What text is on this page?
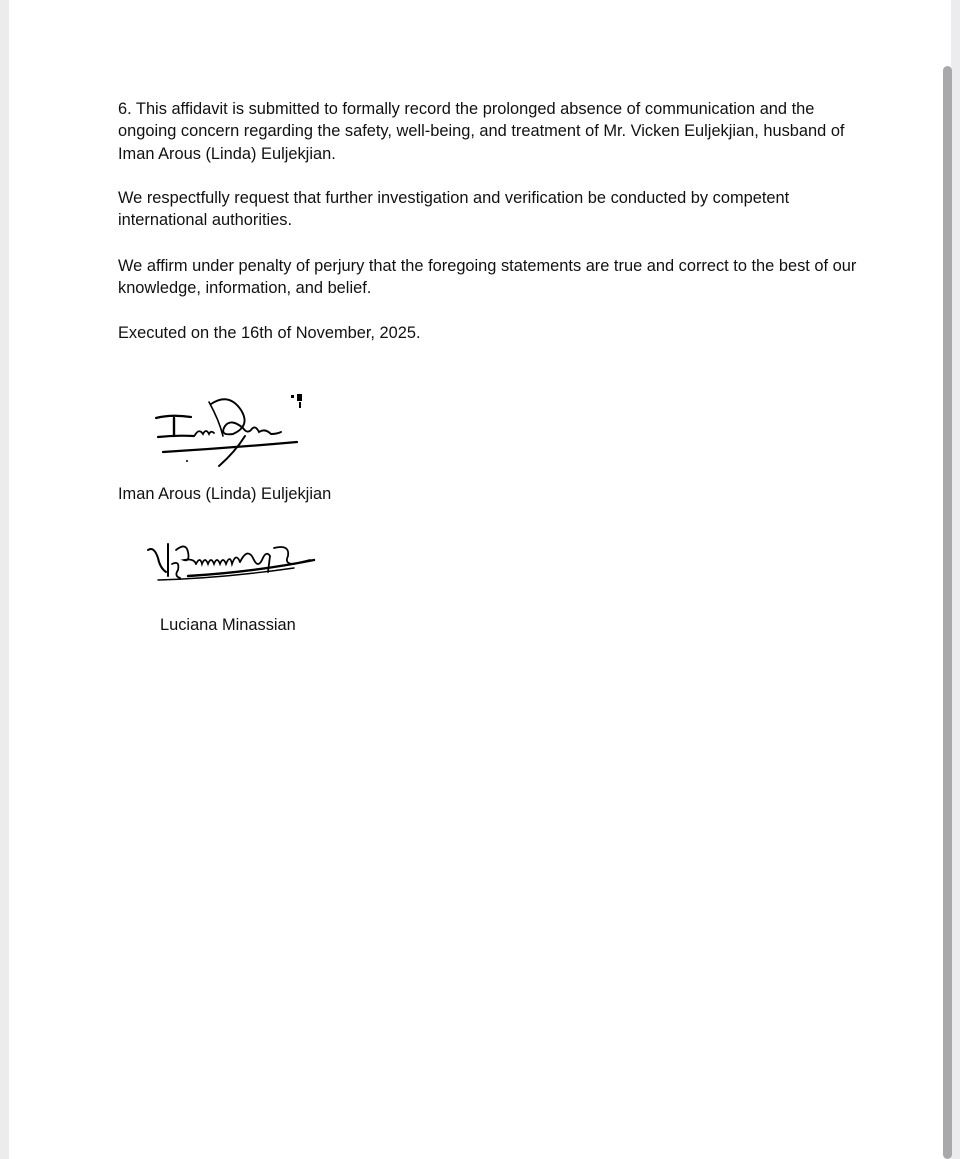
6. This affidavit is submitted to formally record the prolonged absence of communication and the ongoing concern regarding the safety, well-being, and treatment of Mr. Vicken Euljekjian, husband of Iman Arous (Linda) Euljekjian.

We respectfully request that further investigation and verification be conducted by competent international authorities.

We affirm under penalty of perjury that the foregoing statements are true and correct to the best of our knowledge, information, and belief.

Executed on the 16th of November, 2025.

Iman Arous (Linda) Euljekjian
Luciana Minassian
